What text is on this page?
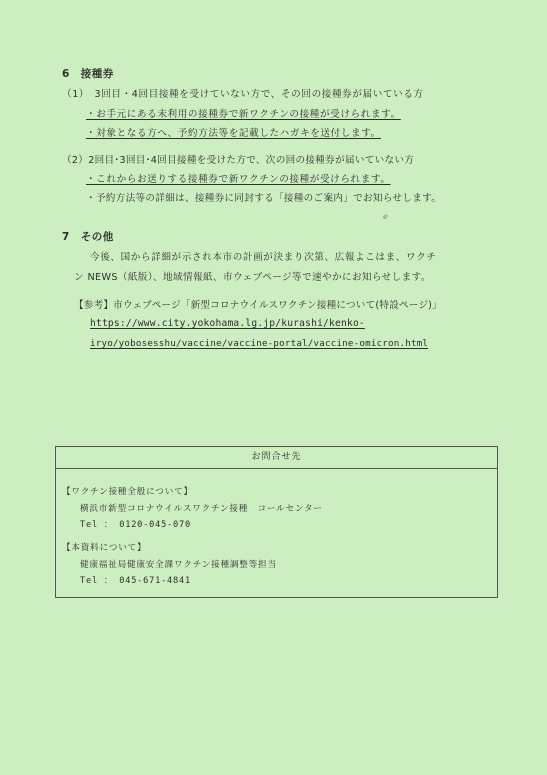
6　接種券
（1）　3回目・4回目接種を受けていない方で、その回の接種券が届いている方
・お手元にある未利用の接種券で新ワクチンの接種が受けられます。
・対象となる方へ、予約方法等を記載したハガキを送付します。
（2）2回目･3回目･4回目接種を受けた方で、次の回の接種券が届いていない方
・これからお送りする接種券で新ワクチンの接種が受けられます。
・予約方法等の詳細は、接種券に同封する「接種のご案内」でお知らせします。
7　その他
今後、国から詳細が示され本市の計画が決まり次第、広報よこはま、ワクチ
ン NEWS（紙版）、地域情報紙、市ウェブページ等で速やかにお知らせします。
【参考】市ウェブページ「新型コロナウイルスワクチン接種について(特設ページ)」
https://www.city.yokohama.lg.jp/kurashi/kenko-
iryo/yobosesshu/vaccine/vaccine-portal/vaccine-omicron.html
お問合せ先
【ワクチン接種全般について】
横浜市新型コロナウイルスワクチン接種　コールセンター
Tel ： 0120-045-070
【本資料について】
健康福祉局健康安全課ワクチン接種調整等担当
Tel ： 045-671-4841
ℯ
